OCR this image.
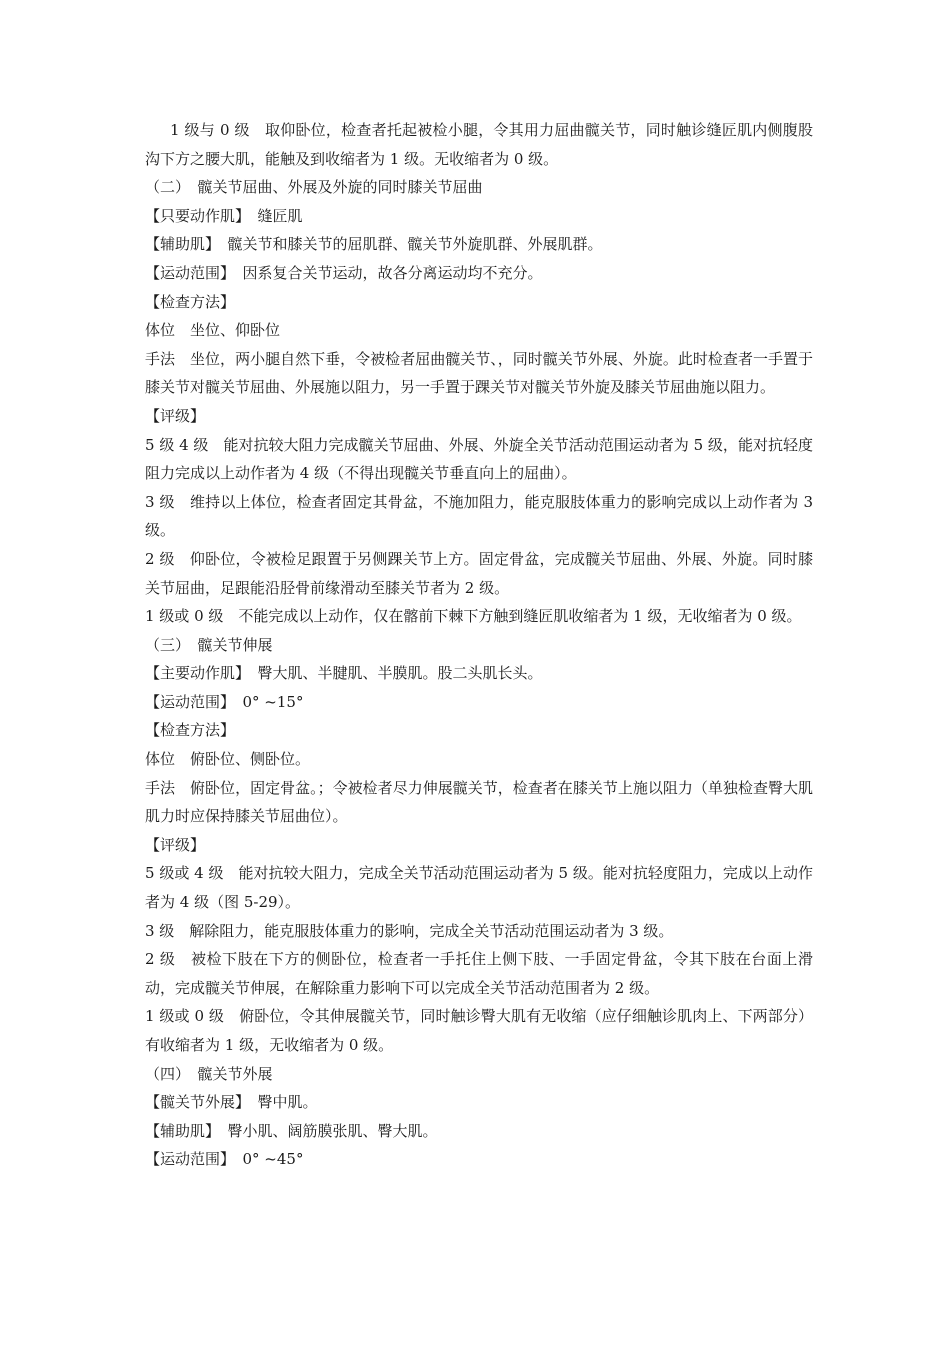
1 级与 0 级　取仰卧位，检查者托起被检小腿，令其用力屈曲髋关节，同时触诊缝匠肌内侧腹股沟下方之腰大肌，能触及到收缩者为 1 级。无收缩者为 0 级。

（二）　髋关节屈曲、外展及外旋的同时膝关节屈曲

【只要动作肌】　缝匠肌

【辅助肌】　髋关节和膝关节的屈肌群、髋关节外旋肌群、外展肌群。

【运动范围】　因系复合关节运动，故各分离运动均不充分。

【检查方法】

体位　坐位、仰卧位

手法　坐位，两小腿自然下垂，令被检者屈曲髋关节、，同时髋关节外展、外旋。此时检查者一手置于膝关节对髋关节屈曲、外展施以阻力，另一手置于踝关节对髋关节外旋及膝关节屈曲施以阻力。

【评级】

5 级 4 级　能对抗较大阻力完成髋关节屈曲、外展、外旋全关节活动范围运动者为 5 级，能对抗轻度阻力完成以上动作者为 4 级（不得出现髋关节垂直向上的屈曲）。

3 级　维持以上体位，检查者固定其骨盆，不施加阻力，能克服肢体重力的影响完成以上动作者为 3 级。

2 级　仰卧位，令被检足跟置于另侧踝关节上方。固定骨盆，完成髋关节屈曲、外展、外旋。同时膝关节屈曲，足跟能沿胫骨前缘滑动至膝关节者为 2 级。

1 级或 0 级　不能完成以上动作，仅在髂前下棘下方触到缝匠肌收缩者为 1 级，无收缩者为 0 级。

（三）　髋关节伸展

【主要动作肌】　臀大肌、半腱肌、半膜肌。股二头肌长头。

【运动范围】　0° ~15°

【检查方法】

体位　俯卧位、侧卧位。

手法　俯卧位，固定骨盆。；令被检者尽力伸展髋关节，检查者在膝关节上施以阻力（单独检查臀大肌肌力时应保持膝关节屈曲位）。

【评级】

5 级或 4 级　能对抗较大阻力，完成全关节活动范围运动者为 5 级。能对抗轻度阻力，完成以上动作者为 4 级（图 5-29）。

3 级　解除阻力，能克服肢体重力的影响，完成全关节活动范围运动者为 3 级。

2 级　被检下肢在下方的侧卧位，检查者一手托住上侧下肢、一手固定骨盆，令其下肢在台面上滑动，完成髋关节伸展，在解除重力影响下可以完成全关节活动范围者为 2 级。

1 级或 0 级　俯卧位，令其伸展髋关节，同时触诊臀大肌有无收缩（应仔细触诊肌肉上、下两部分）有收缩者为 1 级，无收缩者为 0 级。

（四）　髋关节外展

【髋关节外展】　臀中肌。

【辅助肌】　臀小肌、阔筋膜张肌、臀大肌。

【运动范围】　0° ~45°
